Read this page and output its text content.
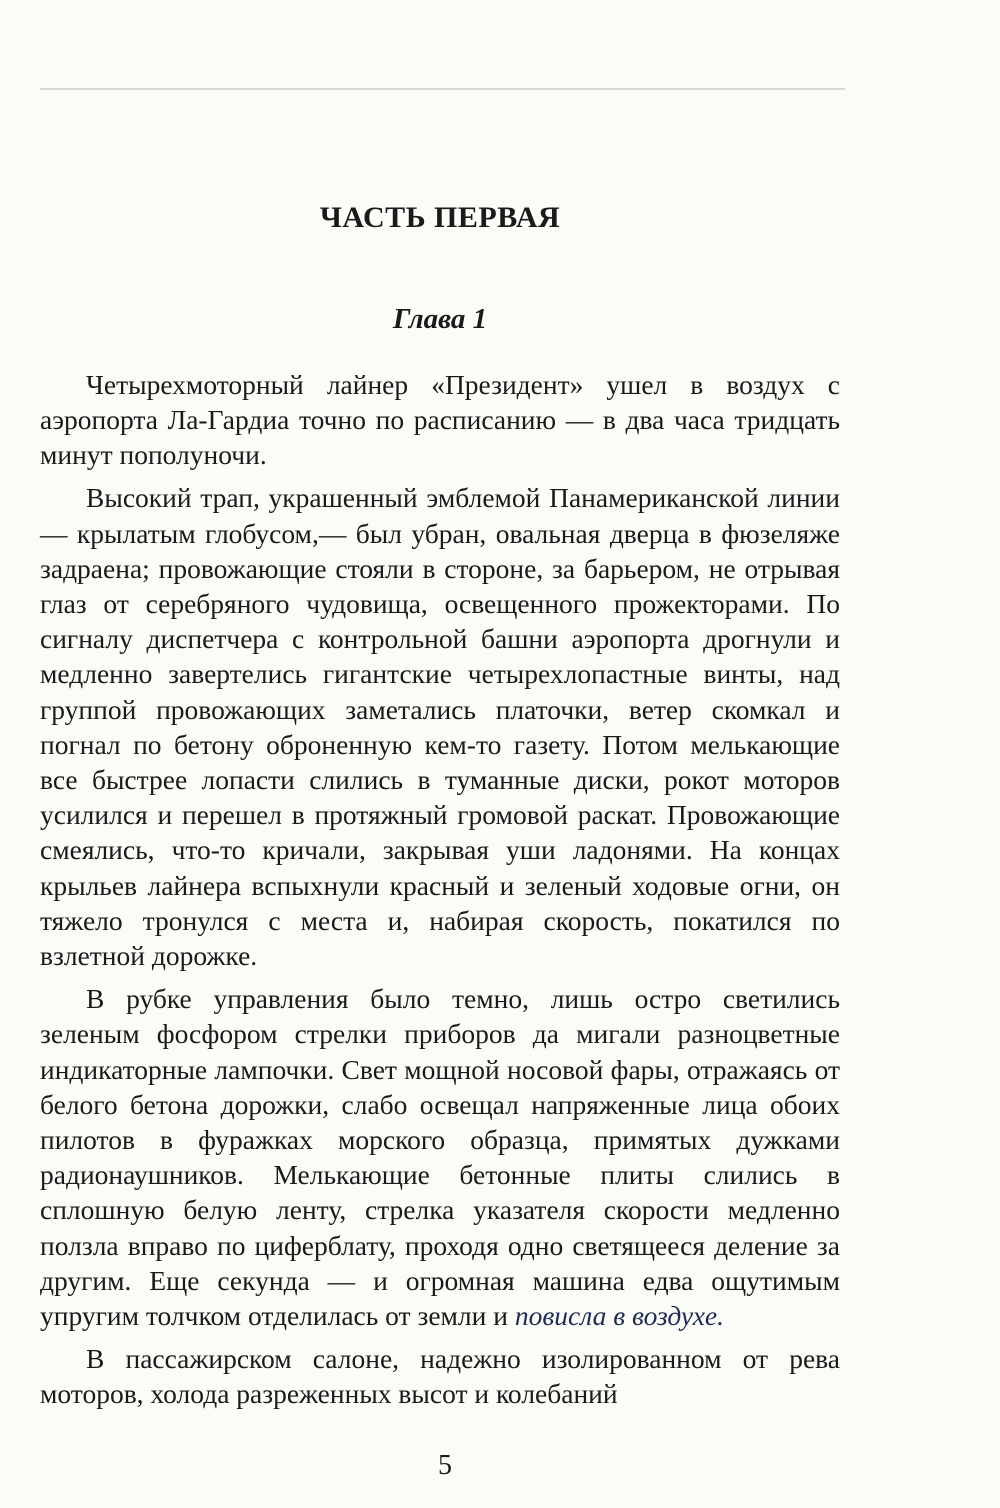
ЧАСТЬ ПЕРВАЯ
Глава 1

Четырехмоторный лайнер «Президент» ушел в воздух с аэропорта Ла-Гардиа точно по расписанию — в два часа тридцать минут пополуночи.

Высокий трап, украшенный эмблемой Панамериканской линии — крылатым глобусом,— был убран, овальная дверца в фюзеляже задраена; провожающие стояли в стороне, за барьером, не отрывая глаз от серебряного чудовища, освещенного прожекторами. По сигналу диспетчера с контрольной башни аэропорта дрогнули и медленно завертелись гигантские четырехлопастные винты, над группой провожающих заметались платочки, ветер скомкал и погнал по бетону оброненную кем-то газету. Потом мелькающие все быстрее лопасти слились в туманные диски, рокот моторов усилился и перешел в протяжный громовой раскат. Провожающие смеялись, что-то кричали, закрывая уши ладонями. На концах крыльев лайнера вспыхнули красный и зеленый ходовые огни, он тяжело тронулся с места и, набирая скорость, покатился по взлетной дорожке.

В рубке управления было темно, лишь остро светились зеленым фосфором стрелки приборов да мигали разноцветные индикаторные лампочки. Свет мощной носовой фары, отражаясь от белого бетона дорожки, слабо освещал напряженные лица обоих пилотов в фуражках морского образца, примятых дужками радионаушников. Мелькающие бетонные плиты слились в сплошную белую ленту, стрелка указателя скорости медленно ползла вправо по циферблату, проходя одно светящееся деление за другим. Еще секунда — и огромная машина едва ощутимым упругим толчком отделилась от земли и повисла в воздухе.

В пассажирском салоне, надежно изолированном от рева моторов, холода разреженных высот и колебаний

5
